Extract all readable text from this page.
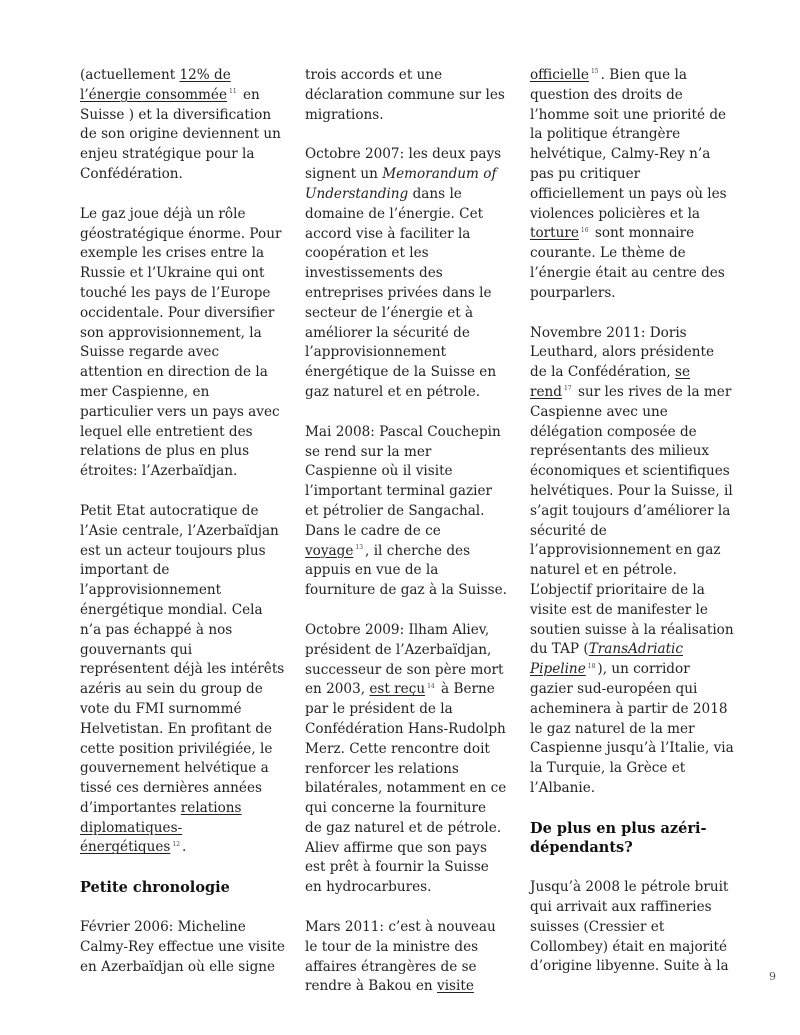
(actuellement 12% de l’énergie consommée $^{11}$ en Suisse ) et la diversification de son origine deviennent un enjeu stratégique pour la Confédération.

Le gaz joue déjà un rôle géostratégique énorme. Pour exemple les crises entre la Russie et l’Ukraine qui ont touché les pays de l’Europe occidentale. Pour diversifier son approvisionnement, la Suisse regarde avec attention en direction de la mer Caspienne, en particulier vers un pays avec lequel elle entretient des relations de plus en plus étroites: l’Azerbaïdjan.

Petit Etat autocratique de l’Asie centrale, l’Azerbaïdjan est un acteur toujours plus important de l’approvisionnement énergétique mondial. Cela n’a pas échappé à nos gouvernants qui représentent déjà les intérêts azéris au sein du group de vote du FMI surnommé Helvetistan. En profitant de cette position privilégiée, le gouvernement helvétique a tissé ces dernières années d’importantes relations diplomatiques-énergétiques $^{12}$ .

Petite chronologie

Février 2006: Micheline Calmy-Rey effectue une visite en Azerbaïdjan où elle signe

trois accords et une déclaration commune sur les migrations.

Octobre 2007: les deux pays signent un Memorandum of Understanding dans le domaine de l’énergie. Cet accord vise à faciliter la coopération et les investissements des entreprises privées dans le secteur de l’énergie et à améliorer la sécurité de l’approvisionnement énergétique de la Suisse en gaz naturel et en pétrole.

Mai 2008: Pascal Couchepin se rend sur la mer Caspienne où il visite l’important terminal gazier et pétrolier de Sangachal. Dans le cadre de ce voyage $^{13}$ , il cherche des appuis en vue de la fourniture de gaz à la Suisse.

Octobre 2009: Ilham Aliev, président de l’Azerbaïdjan, successeur de son père mort en 2003, est reçu $^{14}$ à Berne par le président de la Confédération Hans-Rudolph Merz. Cette rencontre doit renforcer les relations bilatérales, notamment en ce qui concerne la fourniture de gaz naturel et de pétrole. Aliev affirme que son pays est prêt à fournir la Suisse en hydrocarbures.

Mars 2011: c’est à nouveau le tour de la ministre des affaires étrangères de se rendre à Bakou en visite

officielle $^{15}$ . Bien que la question des droits de l’homme soit une priorité de la politique étrangère helvétique, Calmy-Rey n’a pas pu critiquer officiellement un pays où les violences policières et la torture $^{16}$ sont monnaire courante. Le thème de l’énergie était au centre des pourparlers.

Novembre 2011: Doris Leuthard, alors présidente de la Confédération, se rend $^{17}$ sur les rives de la mer Caspienne avec une délégation composée de représentants des milieux économiques et scientifiques helvétiques. Pour la Suisse, il s’agit toujours d’améliorer la sécurité de l’approvisionnement en gaz naturel et en pétrole. L’objectif prioritaire de la visite est de manifester le soutien suisse à la réalisation du TAP (TransAdriatic Pipeline $^{18}$ ), un corridor gazier sud-européen qui acheminera à partir de 2018 le gaz naturel de la mer Caspienne jusqu’à l’Italie, via la Turquie, la Grèce et l’Albanie.

De plus en plus azéri-dépendants?

Jusqu’à 2008 le pétrole bruit qui arrivait aux raffineries suisses (Cressier et Collombey) était en majorité d’origine libyenne. Suite à la

9
